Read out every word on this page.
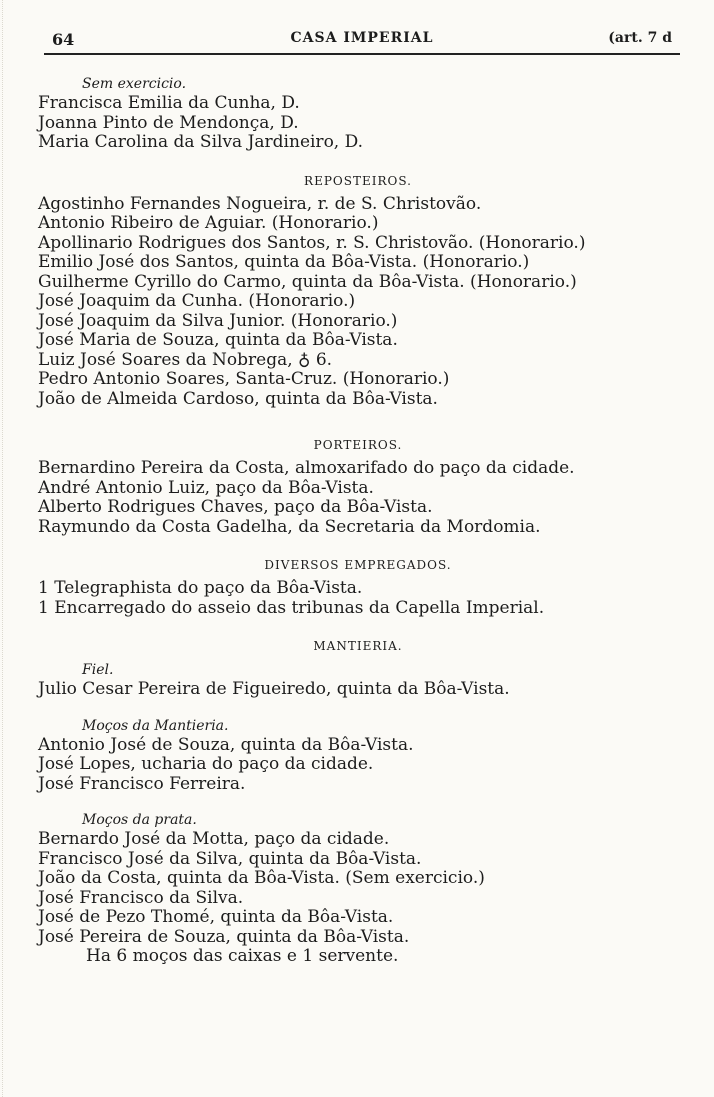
64	CASA IMPERIAL	(art. 7 d
Sem exercicio.
Francisca Emilia da Cunha, D.
Joanna Pinto de Mendonça, D.
Maria Carolina da Silva Jardineiro, D.
REPOSTEIROS.
Agostinho Fernandes Nogueira, r. de S. Christovão.
Antonio Ribeiro de Aguiar. (Honorario.)
Apollinario Rodrigues dos Santos, r. S. Christovão. (Honorario.)
Emilio José dos Santos, quinta da Bôa-Vista. (Honorario.)
Guilherme Cyrillo do Carmo, quinta da Bôa-Vista. (Honorario.)
José Joaquim da Cunha. (Honorario.)
José Joaquim da Silva Junior. (Honorario.)
José Maria de Souza, quinta da Bôa-Vista.
Luiz José Soares da Nobrega, ♁ 6.
Pedro Antonio Soares, Santa-Cruz. (Honorario.)
João de Almeida Cardoso, quinta da Bôa-Vista.
PORTEIROS.
Bernardino Pereira da Costa, almoxarifado do paço da cidade.
André Antonio Luiz, paço da Bôa-Vista.
Alberto Rodrigues Chaves, paço da Bôa-Vista.
Raymundo da Costa Gadelha, da Secretaria da Mordomia.
DIVERSOS EMPREGADOS.
1 Telegraphista do paço da Bôa-Vista.
1 Encarregado do asseio das tribunas da Capella Imperial.
MANTIERIA.
Fiel.
Julio Cesar Pereira de Figueiredo, quinta da Bôa-Vista.
Moços da Mantieria.
Antonio José de Souza, quinta da Bôa-Vista.
José Lopes, ucharia do paço da cidade.
José Francisco Ferreira.
Moços da prata.
Bernardo José da Motta, paço da cidade.
Francisco José da Silva, quinta da Bôa-Vista.
João da Costa, quinta da Bôa-Vista. (Sem exercicio.)
José Francisco da Silva.
José de Pezo Thomé, quinta da Bôa-Vista.
José Pereira de Souza, quinta da Bôa-Vista.
Ha 6 moços das caixas e 1 servente.
